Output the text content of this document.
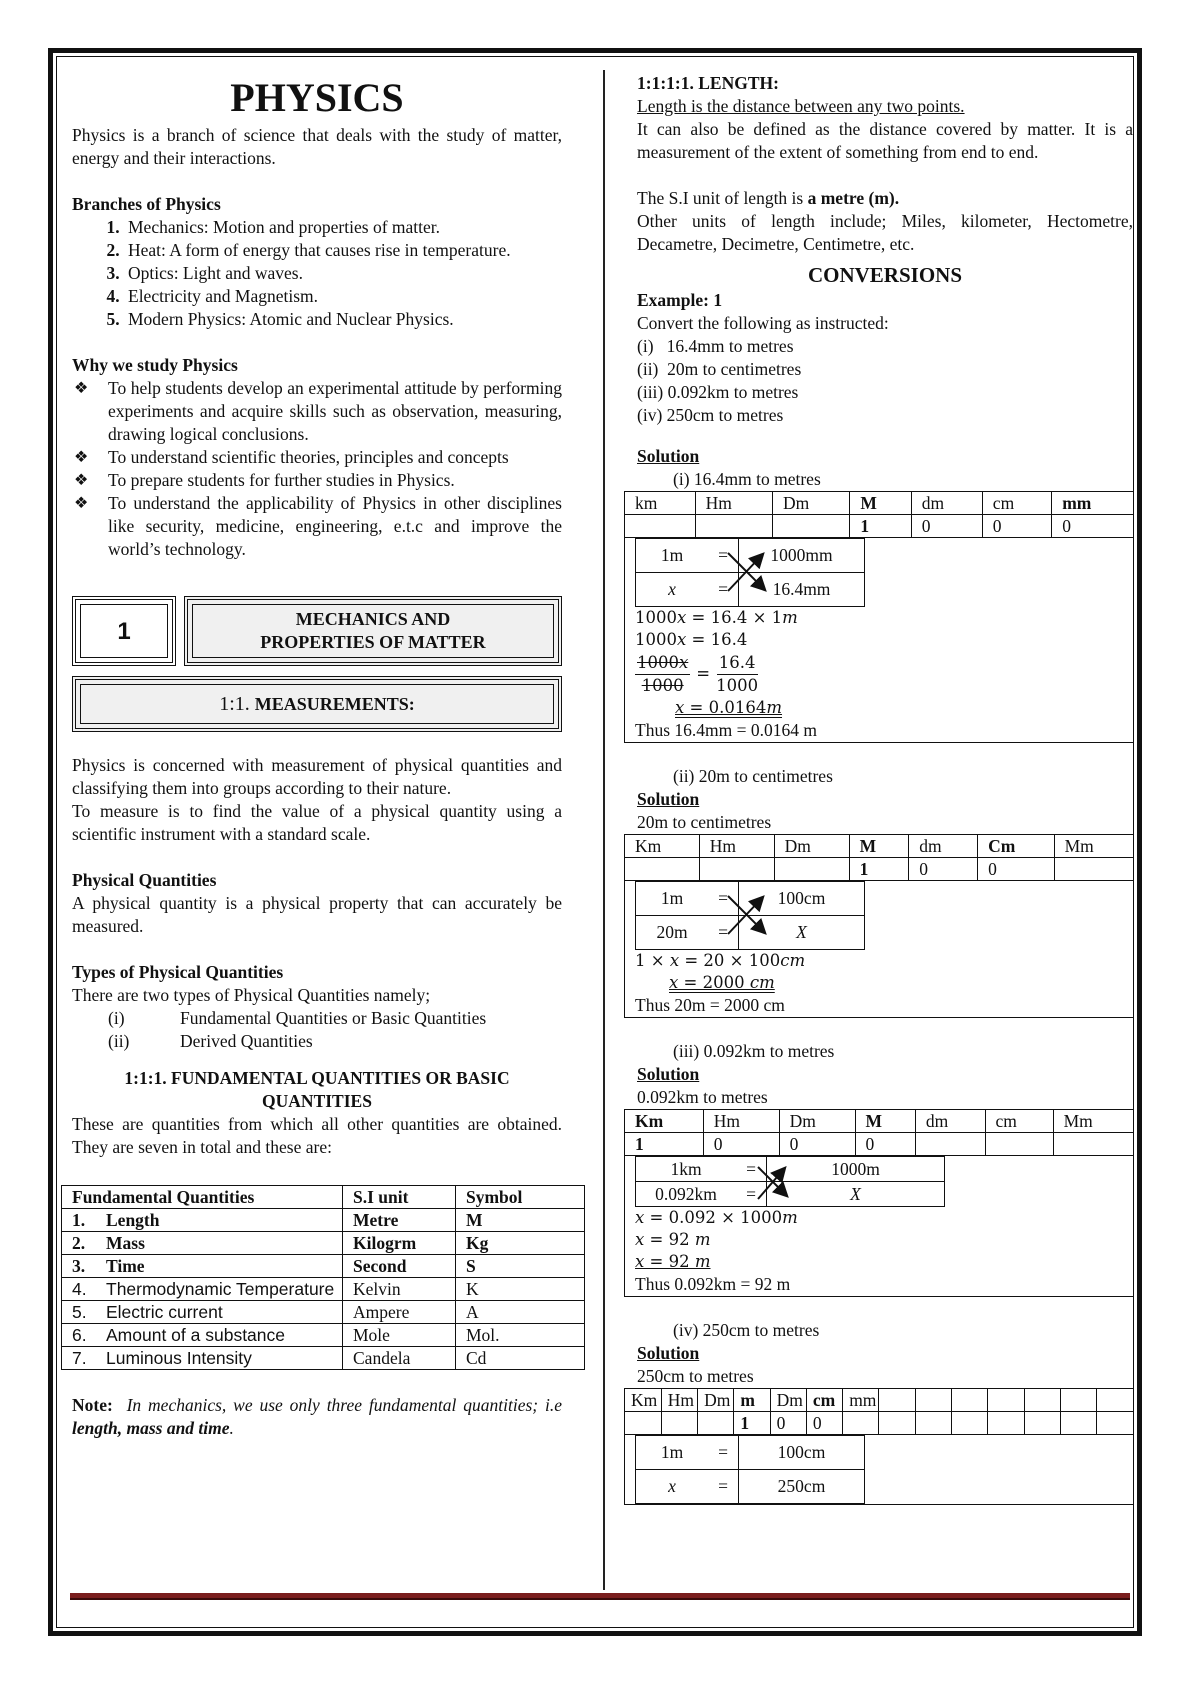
PHYSICS

Physics is a branch of science that deals with the study of matter, energy and their interactions.

Branches of Physics

1. Mechanics: Motion and properties of matter.
2. Heat: A form of energy that causes rise in temperature.
3. Optics: Light and waves.
4. Electricity and Magnetism.
5. Modern Physics: Atomic and Nuclear Physics.

Why we study Physics

❖ To help students develop an experimental attitude by performing experiments and acquire skills such as observation, measuring, drawing logical conclusions.
❖ To understand scientific theories, principles and concepts
❖ To prepare students for further studies in Physics.
❖ To understand the applicability of Physics in other disciplines like security, medicine, engineering, e.t.c and improve the world’s technology.
1	MECHANICS AND PROPERTIES OF MATTER
1:1.
MEASUREMENTS:

Physics is concerned with measurement of physical quantities and classifying them into groups according to their nature.

To measure is to find the value of a physical quantity using a scientific instrument with a standard scale.

Physical Quantities

A physical quantity is a physical property that can accurately be measured.

Types of Physical Quantities

There are two types of Physical Quantities namely;

(i)	Fundamental Quantities or Basic Quantities
(ii)	Derived Quantities

1:1:1. FUNDAMENTAL QUANTITIES OR BASIC QUANTITIES

These are quantities from which all other quantities are obtained. They are seven in total and these are:

Fundamental Quantities	S.I unit	Symbol
1. Length	Metre	M
2. Mass	Kilogrm	Kg
3. Time	Second	S
4. Thermodynamic Temperature	Kelvin	K
5. Electric current	Ampere	A
6. Amount of a substance	Mole	Mol.
7. Luminous Intensity	Candela	Cd

Note: In mechanics, we use only three fundamental quantities; i.e length, mass and time.

1:1:1:1. LENGTH:

Length is the distance between any two points.

It can also be defined as the distance covered by matter. It is a measurement of the extent of something from end to end.

The S.I unit of length is a metre (m).

Other units of length include; Miles, kilometer, Hectometre, Decametre, Decimetre, Centimetre, etc.

CONVERSIONS

Example: 1

Convert the following as instructed:

(i)   16.4mm to metres

(ii)  20m to centimetres

(iii) 0.092km to metres

(iv) 250cm to metres

Solution

(i) 16.4mm to metres

km	Hm	Dm	M	dm	cm	mm
			1	0	0	0
1m	=	1000mm
x	=	16.4mm
1000𝑥 = 16.4 × 1𝑚
1000𝑥 = 16.4
$\frac{\text{1000𝑥}}{1000} = \frac{16.4}{1000}$
𝑥 = 0.0164𝑚

Thus 16.4mm = 0.0164 m

(ii) 20m to centimetres

Solution

20m to centimetres

Km	Hm	Dm	M	dm	Cm	Mm
			1	0	0	
1m	=	100cm
20m	=	X
1 × 𝑥 = 20 × 100𝑐𝑚
𝑥 = 2000 𝑐𝑚

Thus 20m = 2000 cm

(iii) 0.092km to metres

Solution

0.092km to metres

Km	Hm	Dm	M	dm	cm	Mm
1	0	0	0			
1km	=	1000m
0.092km	=	X
𝑥 = 0.092 × 1000𝑚
𝑥 = 92 𝑚
𝑥 = 92 𝑚

Thus 0.092km = 92 m

(iv) 250cm to metres

Solution

250cm to metres

Km	Hm	Dm	m	Dm	cm	mm							
			1	0	0								
1m	=	100cm
x	=	250cm
